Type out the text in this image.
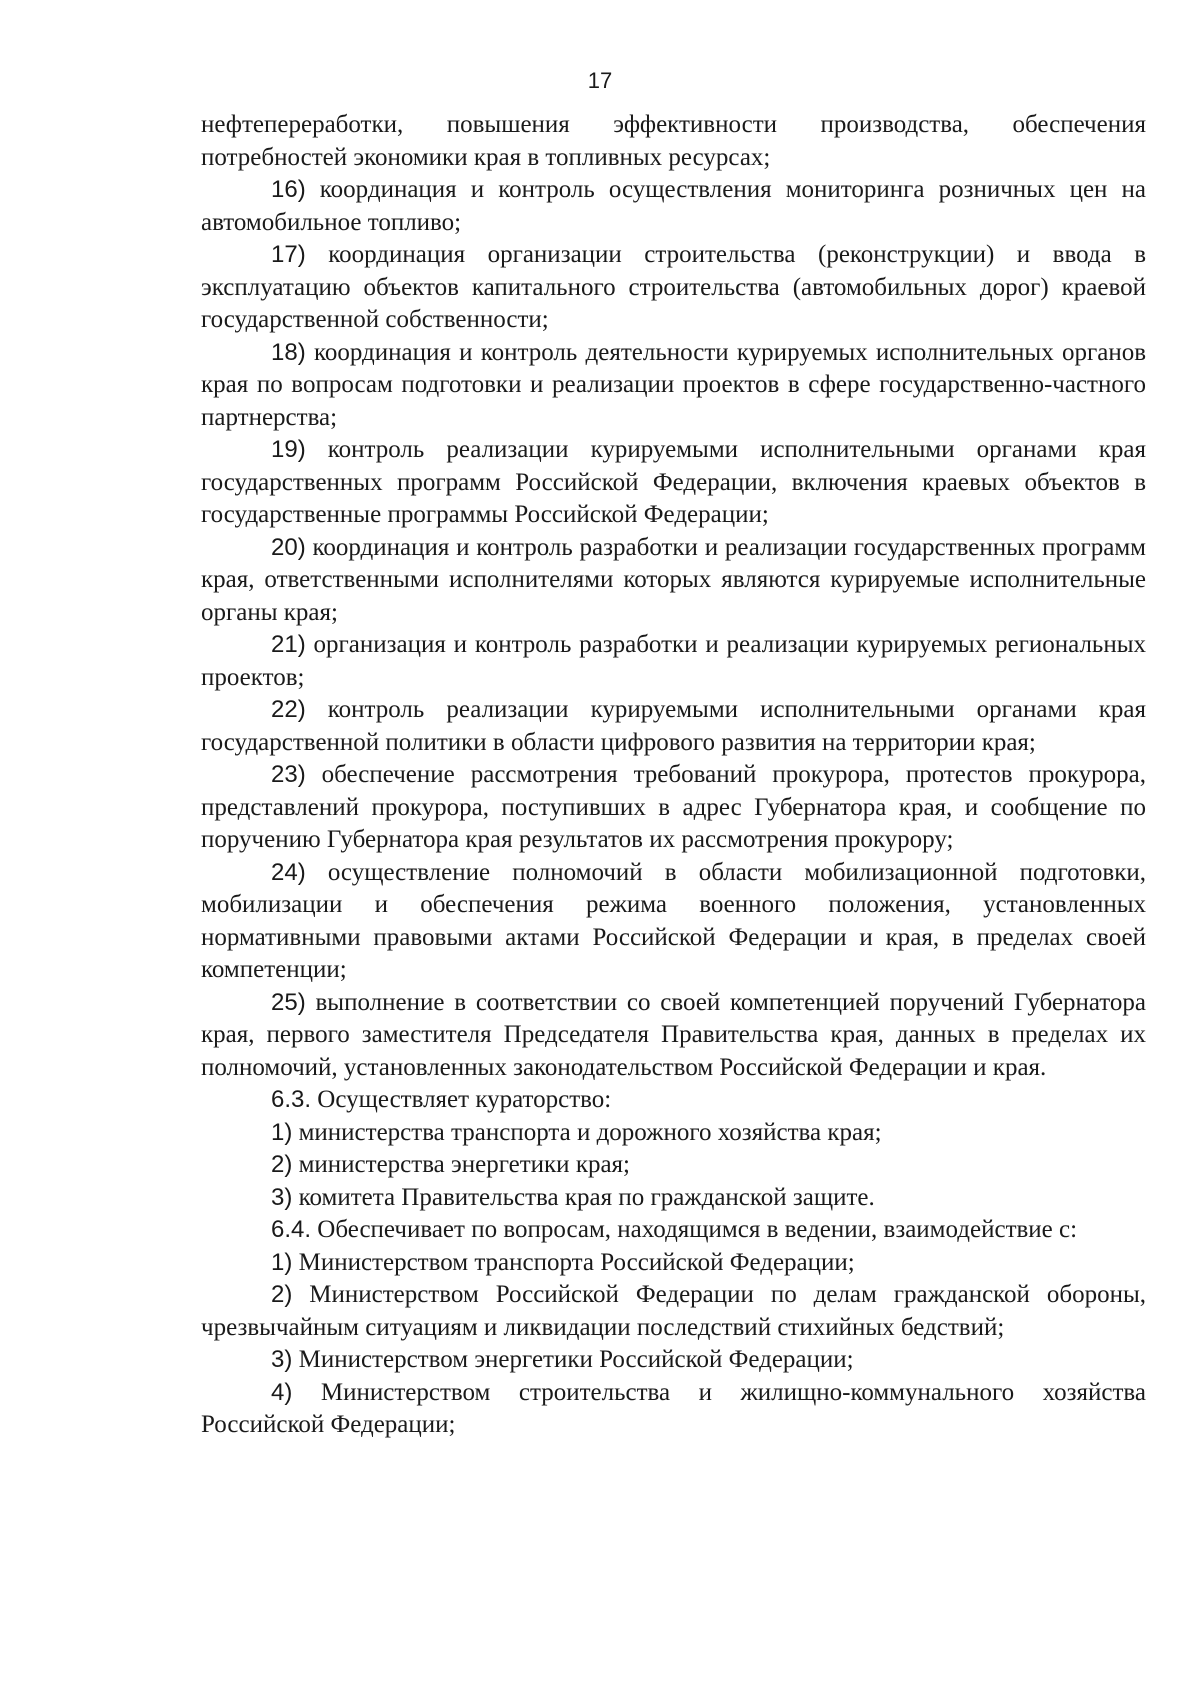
17

нефтепереработки, повышения эффективности производства, обеспечения потребностей экономики края в топливных ресурсах;

16) координация и контроль осуществления мониторинга розничных цен на автомобильное топливо;

17) координация организации строительства (реконструкции) и ввода в эксплуатацию объектов капитального строительства (автомобильных дорог) краевой государственной собственности;

18) координация и контроль деятельности курируемых исполнительных органов края по вопросам подготовки и реализации проектов в сфере государственно-частного партнерства;

19) контроль реализации курируемыми исполнительными органами края государственных программ Российской Федерации, включения краевых объектов в государственные программы Российской Федерации;

20) координация и контроль разработки и реализации государственных программ края, ответственными исполнителями которых являются курируемые исполнительные органы края;

21) организация и контроль разработки и реализации курируемых региональных проектов;

22) контроль реализации курируемыми исполнительными органами края государственной политики в области цифрового развития на территории края;

23) обеспечение рассмотрения требований прокурора, протестов прокурора, представлений прокурора, поступивших в адрес Губернатора края, и сообщение по поручению Губернатора края результатов их рассмотрения прокурору;

24) осуществление полномочий в области мобилизационной подготовки, мобилизации и обеспечения режима военного положения, установленных нормативными правовыми актами Российской Федерации и края, в пределах своей компетенции;

25) выполнение в соответствии со своей компетенцией поручений Губернатора края, первого заместителя Председателя Правительства края, данных в пределах их полномочий, установленных законодательством Российской Федерации и края.

6.3. Осуществляет кураторство:

1) министерства транспорта и дорожного хозяйства края;

2) министерства энергетики края;

3) комитета Правительства края по гражданской защите.

6.4. Обеспечивает по вопросам, находящимся в ведении, взаимодействие с:

1) Министерством транспорта Российской Федерации;

2) Министерством Российской Федерации по делам гражданской обороны, чрезвычайным ситуациям и ликвидации последствий стихийных бедствий;

3) Министерством энергетики Российской Федерации;

4) Министерством строительства и жилищно-коммунального хозяйства Российской Федерации;
